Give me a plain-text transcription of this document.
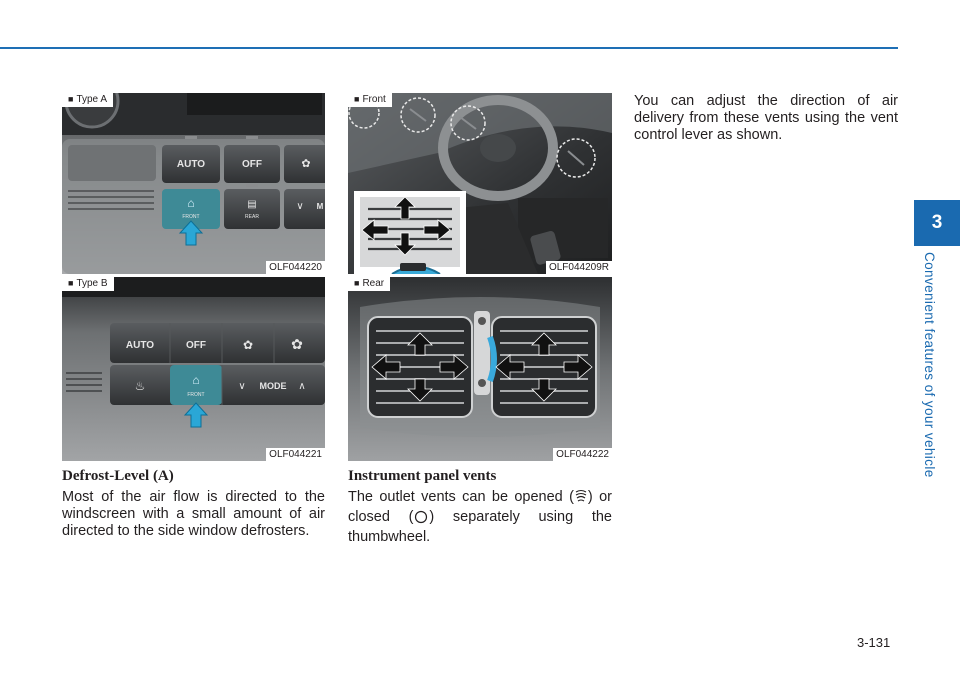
3
Convenient features of your vehicle
■ Type A
AUTO	OFF	✿
⌂
FRONT
▤
REAR
∨ M
OLF044220
■ Type B
AUTO	OFF	✿	✿
♨	⌂
FRONT
∨ MODE ∧
OLF044221
■ Front
OLF044209R
■ Rear
OLF044222
Defrost-Level (A)
Most of the air flow is directed to the windscreen with a small amount of air directed to the side window defrosters.
Instrument panel vents
The outlet vents can be opened ( ) or closed ( ) separately using the thumbwheel.
You can adjust the direction of air delivery from these vents using the vent control lever as shown.
3-131
